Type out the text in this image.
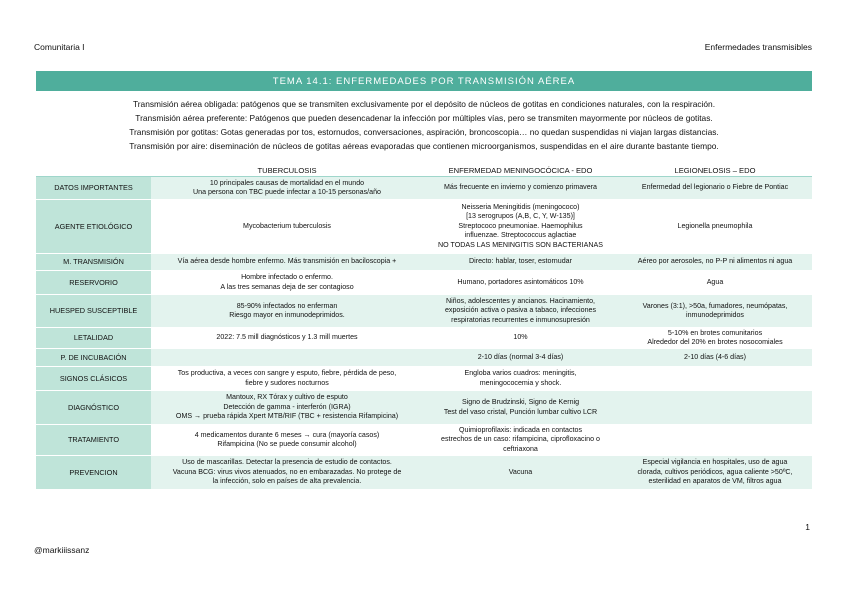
Comunitaria I	Enfermedades transmisibles
TEMA 14.1: ENFERMEDADES POR TRANSMISIÓN AÉREA
Transmisión aérea obligada: patógenos que se transmiten exclusivamente por el depósito de núcleos de gotitas en condiciones naturales, con la respiración.
Transmisión aérea preferente: Patógenos que pueden desencadenar la infección por múltiples vías, pero se transmiten mayormente por núcleos de gotitas.
Transmisión por gotitas: Gotas generadas por tos, estornudos, conversaciones, aspiración, broncoscopia… no quedan suspendidas ni viajan largas distancias.
Transmisión por aire: diseminación de núcleos de gotitas aéreas evaporadas que contienen microorganismos, suspendidas en el aire durante bastante tiempo.
	TUBERCULOSIS	ENFERMEDAD MENINGOCÓCICA - EDO	LEGIONELOSIS – EDO
DATOS IMPORTANTES	10 principales causas de mortalidad en el mundo
Una persona con TBC puede infectar a 10-15 personas/año	Más frecuente en invierno y comienzo primavera	Enfermedad del legionario o Fiebre de Pontiac

AGENTE ETIOLÓGICO	Mycobacterium tuberculosis	Neisseria Meningitidis (meningococo)
[13 serogrupos (A,B, C, Y, W-135)]
Streptococo pneumoniae. Haemophilus
influenzae. Streptococcus aglactiae
NO TODAS LAS MENINGITIS SON BACTERIANAS	Legionella pneumophila

M. TRANSMISIÓN	Vía aérea desde hombre enfermo. Más transmisión en baciloscopia +	Directo: hablar, toser, estornudar	Aéreo por aerosoles, no P-P ni alimentos ni agua

RESERVORIO	Hombre infectado o enfermo.
A las tres semanas deja de ser contagioso	Humano, portadores asintomáticos 10%	Agua

HUESPED SUSCEPTIBLE	85-90% infectados no enferman
Riesgo mayor en inmunodeprimidos.	Niños, adolescentes y ancianos. Hacinamiento,
exposición activa o pasiva a tabaco, infecciones
respiratorias recurrentes e inmunosupresión	Varones (3:1), >50a, fumadores, neumópatas,
inmunodeprimidos

LETALIDAD	2022: 7.5 mill diagnósticos y 1.3 mill muertes	10%	5-10% en brotes comunitarios
Alrededor del 20% en brotes nosocomiales

P. DE INCUBACIÓN		2-10 días (normal 3-4 días)	2-10 días (4-6 días)

SIGNOS CLÁSICOS	Tos productiva, a veces con sangre y esputo, fiebre, pérdida de peso,
fiebre y sudores nocturnos	Engloba varios cuadros: meningitis,
meningococemia y shock.	

DIAGNÓSTICO	Mantoux, RX Tórax y cultivo de esputo
Detección de gamma - interferón (IGRA)
OMS → prueba rápida Xpert MTB/RIF (TBC + resistencia Rifampicina)	Signo de Brudzinski, Signo de Kernig
Test del vaso cristal, Punción lumbar cultivo LCR	

TRATAMIENTO	4 medicamentos durante 6 meses → cura (mayoría casos)
Rifampicina (No se puede consumir alcohol)	Quimioprofilaxis: indicada en contactos
estrechos de un caso: rifampicina, ciprofloxacino o
ceftriaxona	

PREVENCION	Uso de mascarillas. Detectar la presencia de estudio de contactos.
Vacuna BCG: virus vivos atenuados, no en embarazadas. No protege de
la infección, solo en países de alta prevalencia.	Vacuna	Especial vigilancia en hospitales, uso de agua
clorada, cultivos periódicos, agua caliente >50ºC,
esterilidad en aparatos de VM, filtros agua
1
@markiiissanz
